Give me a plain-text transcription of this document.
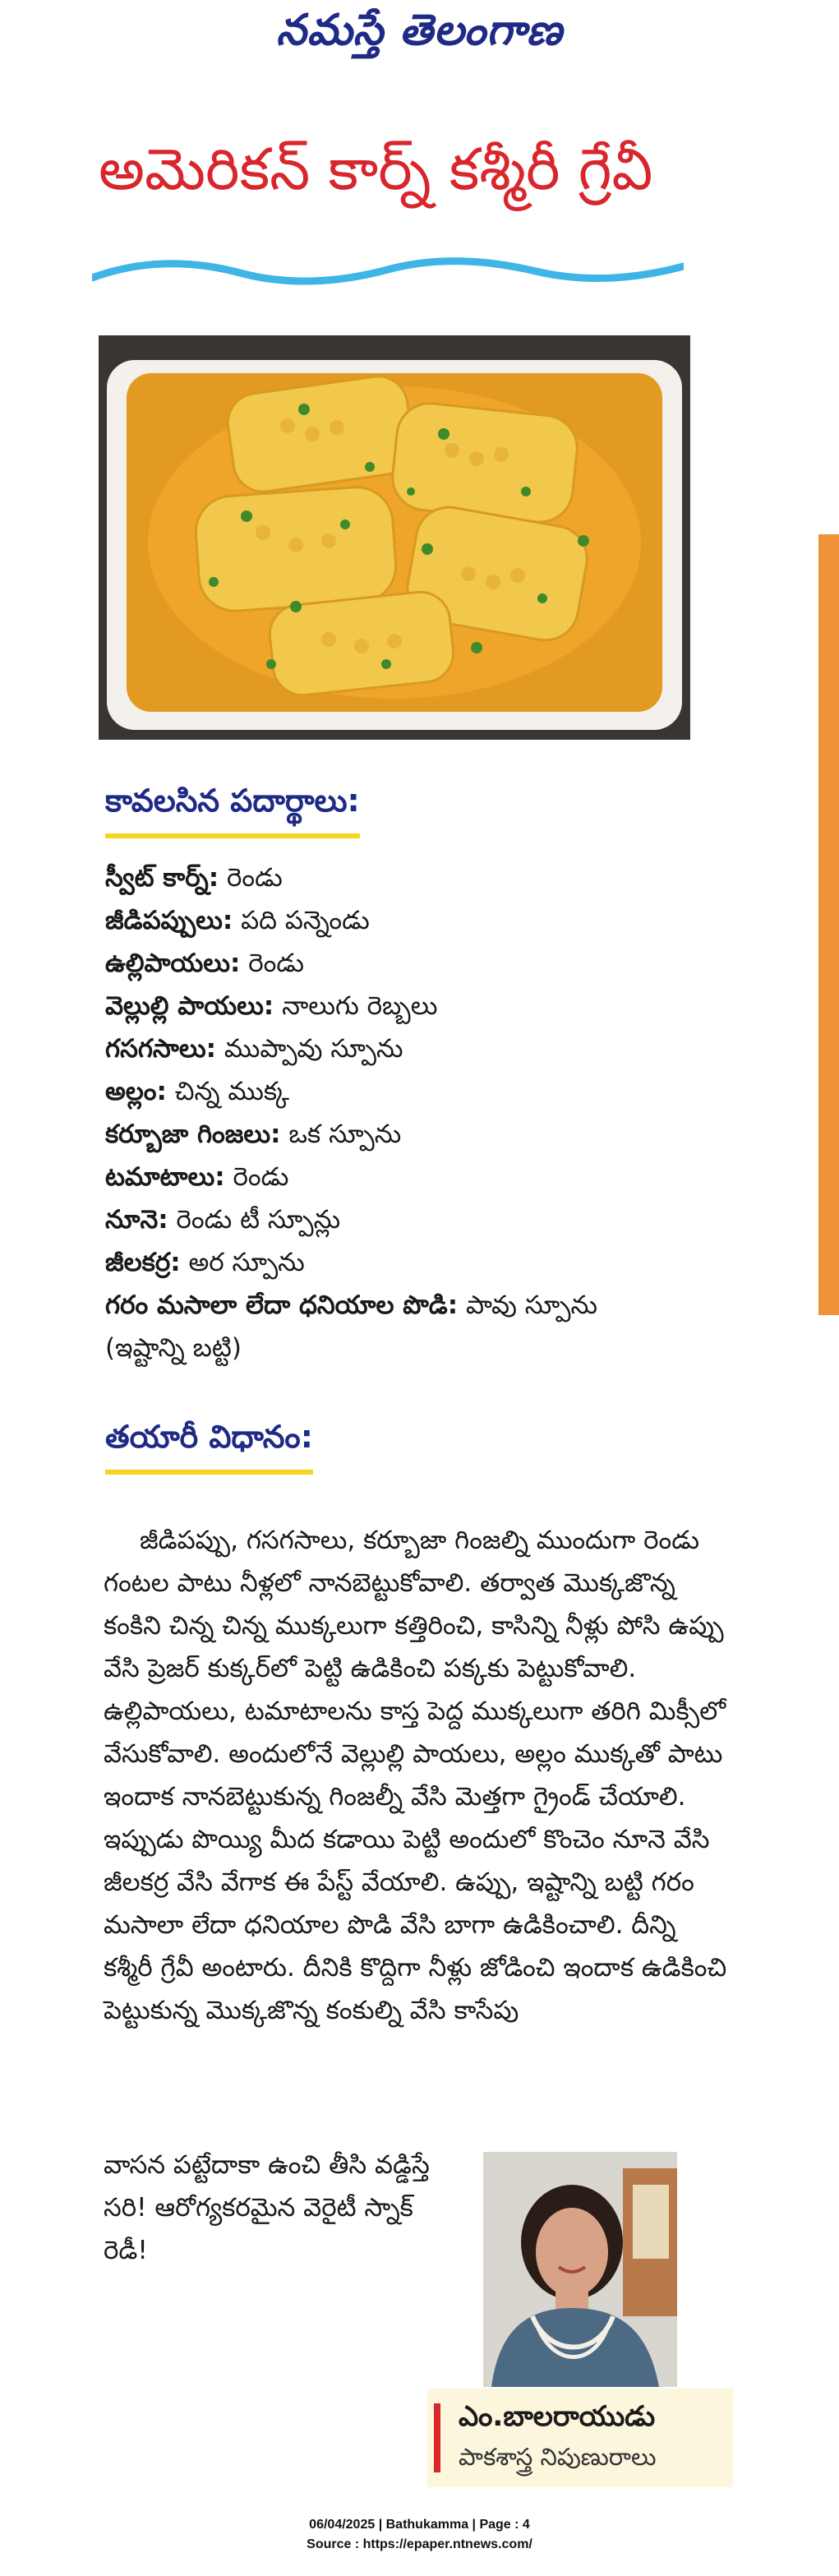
నమస్తే తెలంగాణ
అమెరికన్ కార్న్ కశ్మీరీ గ్రేవీ
కావలసిన పదార్థాలు:
స్వీట్ కార్న్: రెండు
జీడిపప్పులు: పది పన్నెండు
ఉల్లిపాయలు: రెండు
వెల్లుల్లి పాయలు: నాలుగు రెబ్బలు
గసగసాలు: ముప్పావు స్పూను
అల్లం: చిన్న ముక్క
కర్బూజా గింజలు: ఒక స్పూను
టమాటాలు: రెండు
నూనె: రెండు టీ స్పూన్లు
జీలకర్ర: అర స్పూను
గరం మసాలా లేదా ధనియాల పొడి: పావు స్పూను
(ఇష్టాన్ని బట్టి)
తయారీ విధానం:

జీడిపప్పు, గసగసాలు, కర్బూజా గింజల్ని ముందుగా రెండు గంటల పాటు నీళ్లలో నానబెట్టుకోవాలి. తర్వాత మొక్కజొన్న కంకిని చిన్న చిన్న ముక్కలుగా కత్తిరించి, కాసిన్ని నీళ్లు పోసి ఉప్పు వేసి ప్రెజర్ కుక్కర్‌లో పెట్టి ఉడికించి పక్కకు పెట్టుకోవాలి. ఉల్లిపాయలు, టమాటాలను కాస్త పెద్ద ముక్కలుగా తరిగి మిక్సీలో వేసుకోవాలి. అందులోనే వెల్లుల్లి పాయలు, అల్లం ముక్కతో పాటు ఇందాక నానబెట్టుకున్న గింజల్నీ వేసి మెత్తగా గ్రైండ్ చేయాలి. ఇప్పుడు పొయ్యి మీద కడాయి పెట్టి అందులో కొంచెం నూనె వేసి జీలకర్ర వేసి వేగాక ఈ పేస్ట్ వేయాలి. ఉప్పు, ఇష్టాన్ని బట్టి గరం మసాలా లేదా ధనియాల పొడి వేసి బాగా ఉడికించాలి. దీన్ని కశ్మీరీ గ్రేవీ అంటారు. దీనికి కొద్దిగా నీళ్లు జోడించి ఇందాక ఉడికించి పెట్టుకున్న మొక్కజొన్న కంకుల్ని వేసి కాసేపు

వాసన పట్టేదాకా ఉంచి తీసి వడ్డిస్తే సరి! ఆరోగ్యకరమైన వెరైటీ స్నాక్ రెడీ!

ఎం.బాలరాయుడు
పాకశాస్త్ర నిపుణురాలు
06/04/2025 | Bathukamma | Page : 4
Source : https://epaper.ntnews.com/
